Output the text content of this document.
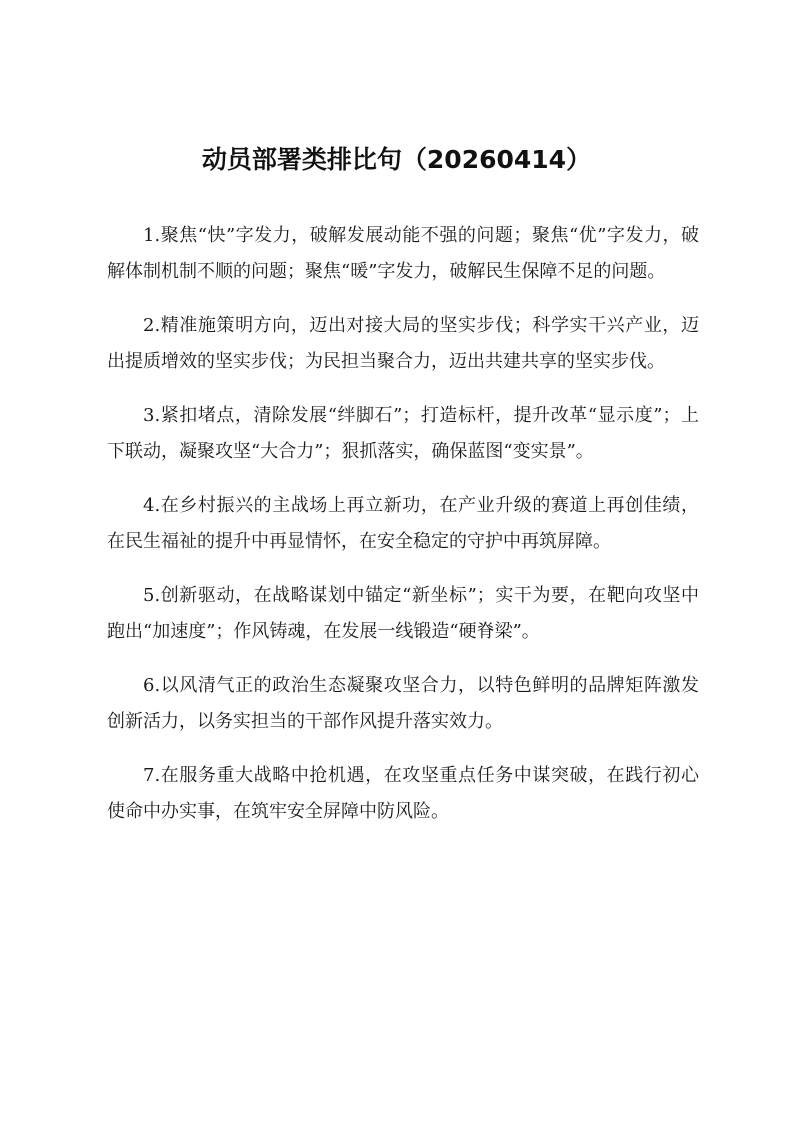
动员部署类排比句（20260414）

1.聚焦“快”字发力，破解发展动能不强的问题；聚焦“优”字发力，破解体制机制不顺的问题；聚焦“暖”字发力，破解民生保障不足的问题。

2.精准施策明方向，迈出对接大局的坚实步伐；科学实干兴产业，迈出提质增效的坚实步伐；为民担当聚合力，迈出共建共享的坚实步伐。

3.紧扣堵点，清除发展“绊脚石”；打造标杆，提升改革“显示度”；上下联动，凝聚攻坚“大合力”；狠抓落实，确保蓝图“变实景”。

4.在乡村振兴的主战场上再立新功，在产业升级的赛道上再创佳绩，在民生福祉的提升中再显情怀，在安全稳定的守护中再筑屏障。

5.创新驱动，在战略谋划中锚定“新坐标”；实干为要，在靶向攻坚中跑出“加速度”；作风铸魂，在发展一线锻造“硬脊梁”。

6.以风清气正的政治生态凝聚攻坚合力，以特色鲜明的品牌矩阵激发创新活力，以务实担当的干部作风提升落实效力。

7.在服务重大战略中抢机遇，在攻坚重点任务中谋突破，在践行初心使命中办实事，在筑牢安全屏障中防风险。
